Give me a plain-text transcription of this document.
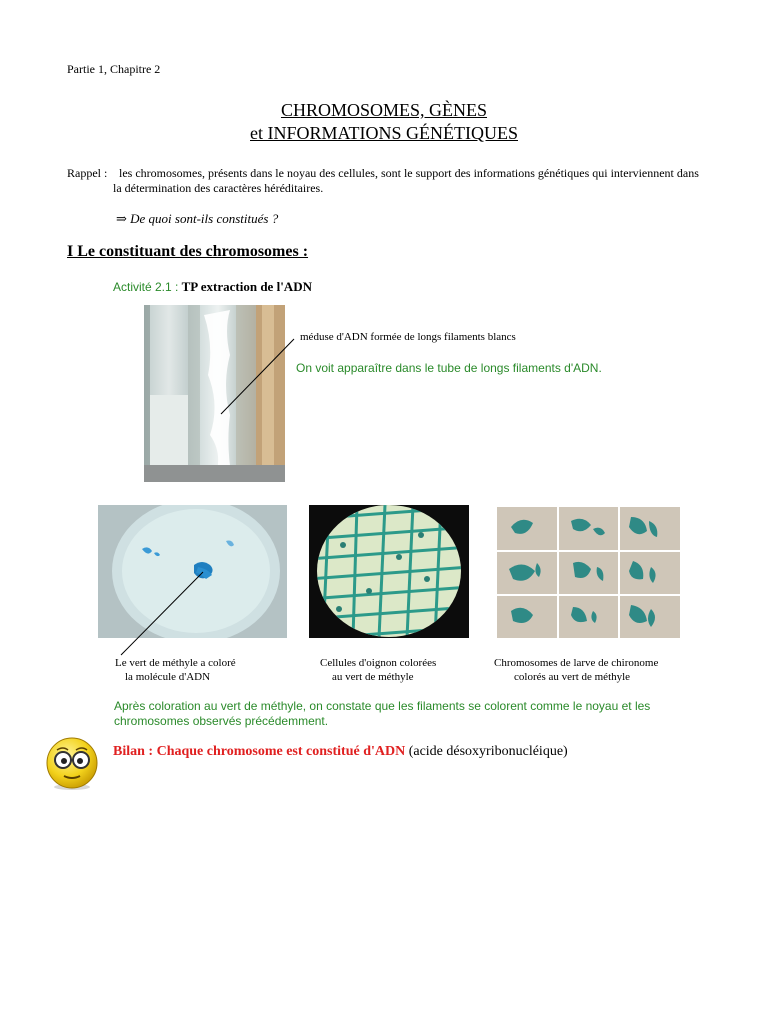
Partie 1, Chapitre 2
CHROMOSOMES, GÈNES
et INFORMATIONS GÉNÉTIQUES
Rappel : les chromosomes, présents dans le noyau des cellules, sont le support des informations génétiques qui interviennent dans la détermination des caractères héréditaires.
⇒ De quoi sont-ils constitués ?
I Le constituant des chromosomes :
Activité 2.1 : TP extraction de l'ADN
méduse d'ADN formée de longs filaments blancs
On voit apparaître dans le tube de longs filaments d'ADN.
Le vert de méthyle a coloré
la molécule d'ADN
Cellules d'oignon colorées
au vert de méthyle
Chromosomes de larve de chironome
colorés au vert de méthyle
Après coloration au vert de méthyle, on constate que les filaments se colorent comme le noyau et les chromosomes observés précédemment.
Bilan : Chaque chromosome est constitué d'ADN (acide désoxyribonucléique)
